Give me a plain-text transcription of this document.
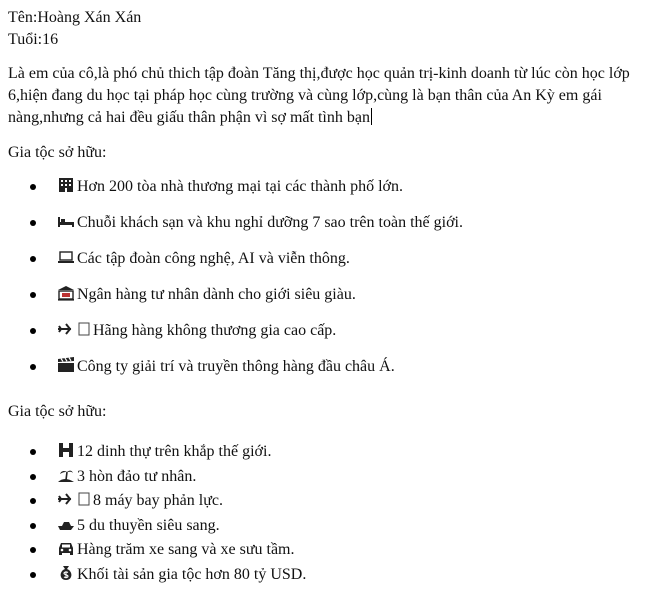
Tên:Hoàng Xán Xán
Tuổi:16
Là em của cô,là phó chủ thich tập đoàn Tăng thị,được học quản trị-kinh doanh từ lúc còn học lớp 6,hiện đang du học tại pháp học cùng trường và cùng lớp,cùng là bạn thân của An Kỳ em gái nàng,nhưng cả hai đều giấu thân phận vì sợ mất tình bạn
Gia tộc sở hữu:
Hơn 200 tòa nhà thương mại tại các thành phố lớn.
Chuỗi khách sạn và khu nghỉ dưỡng 7 sao trên toàn thế giới.
Các tập đoàn công nghệ, AI và viễn thông.
Ngân hàng tư nhân dành cho giới siêu giàu.
Hãng hàng không thương gia cao cấp.
Công ty giải trí và truyền thông hàng đầu châu Á.
Gia tộc sở hữu:
12 dinh thự trên khắp thế giới.
3 hòn đảo tư nhân.
8 máy bay phản lực.
5 du thuyền siêu sang.
Hàng trăm xe sang và xe sưu tầm.
Khối tài sản gia tộc hơn 80 tỷ USD.
